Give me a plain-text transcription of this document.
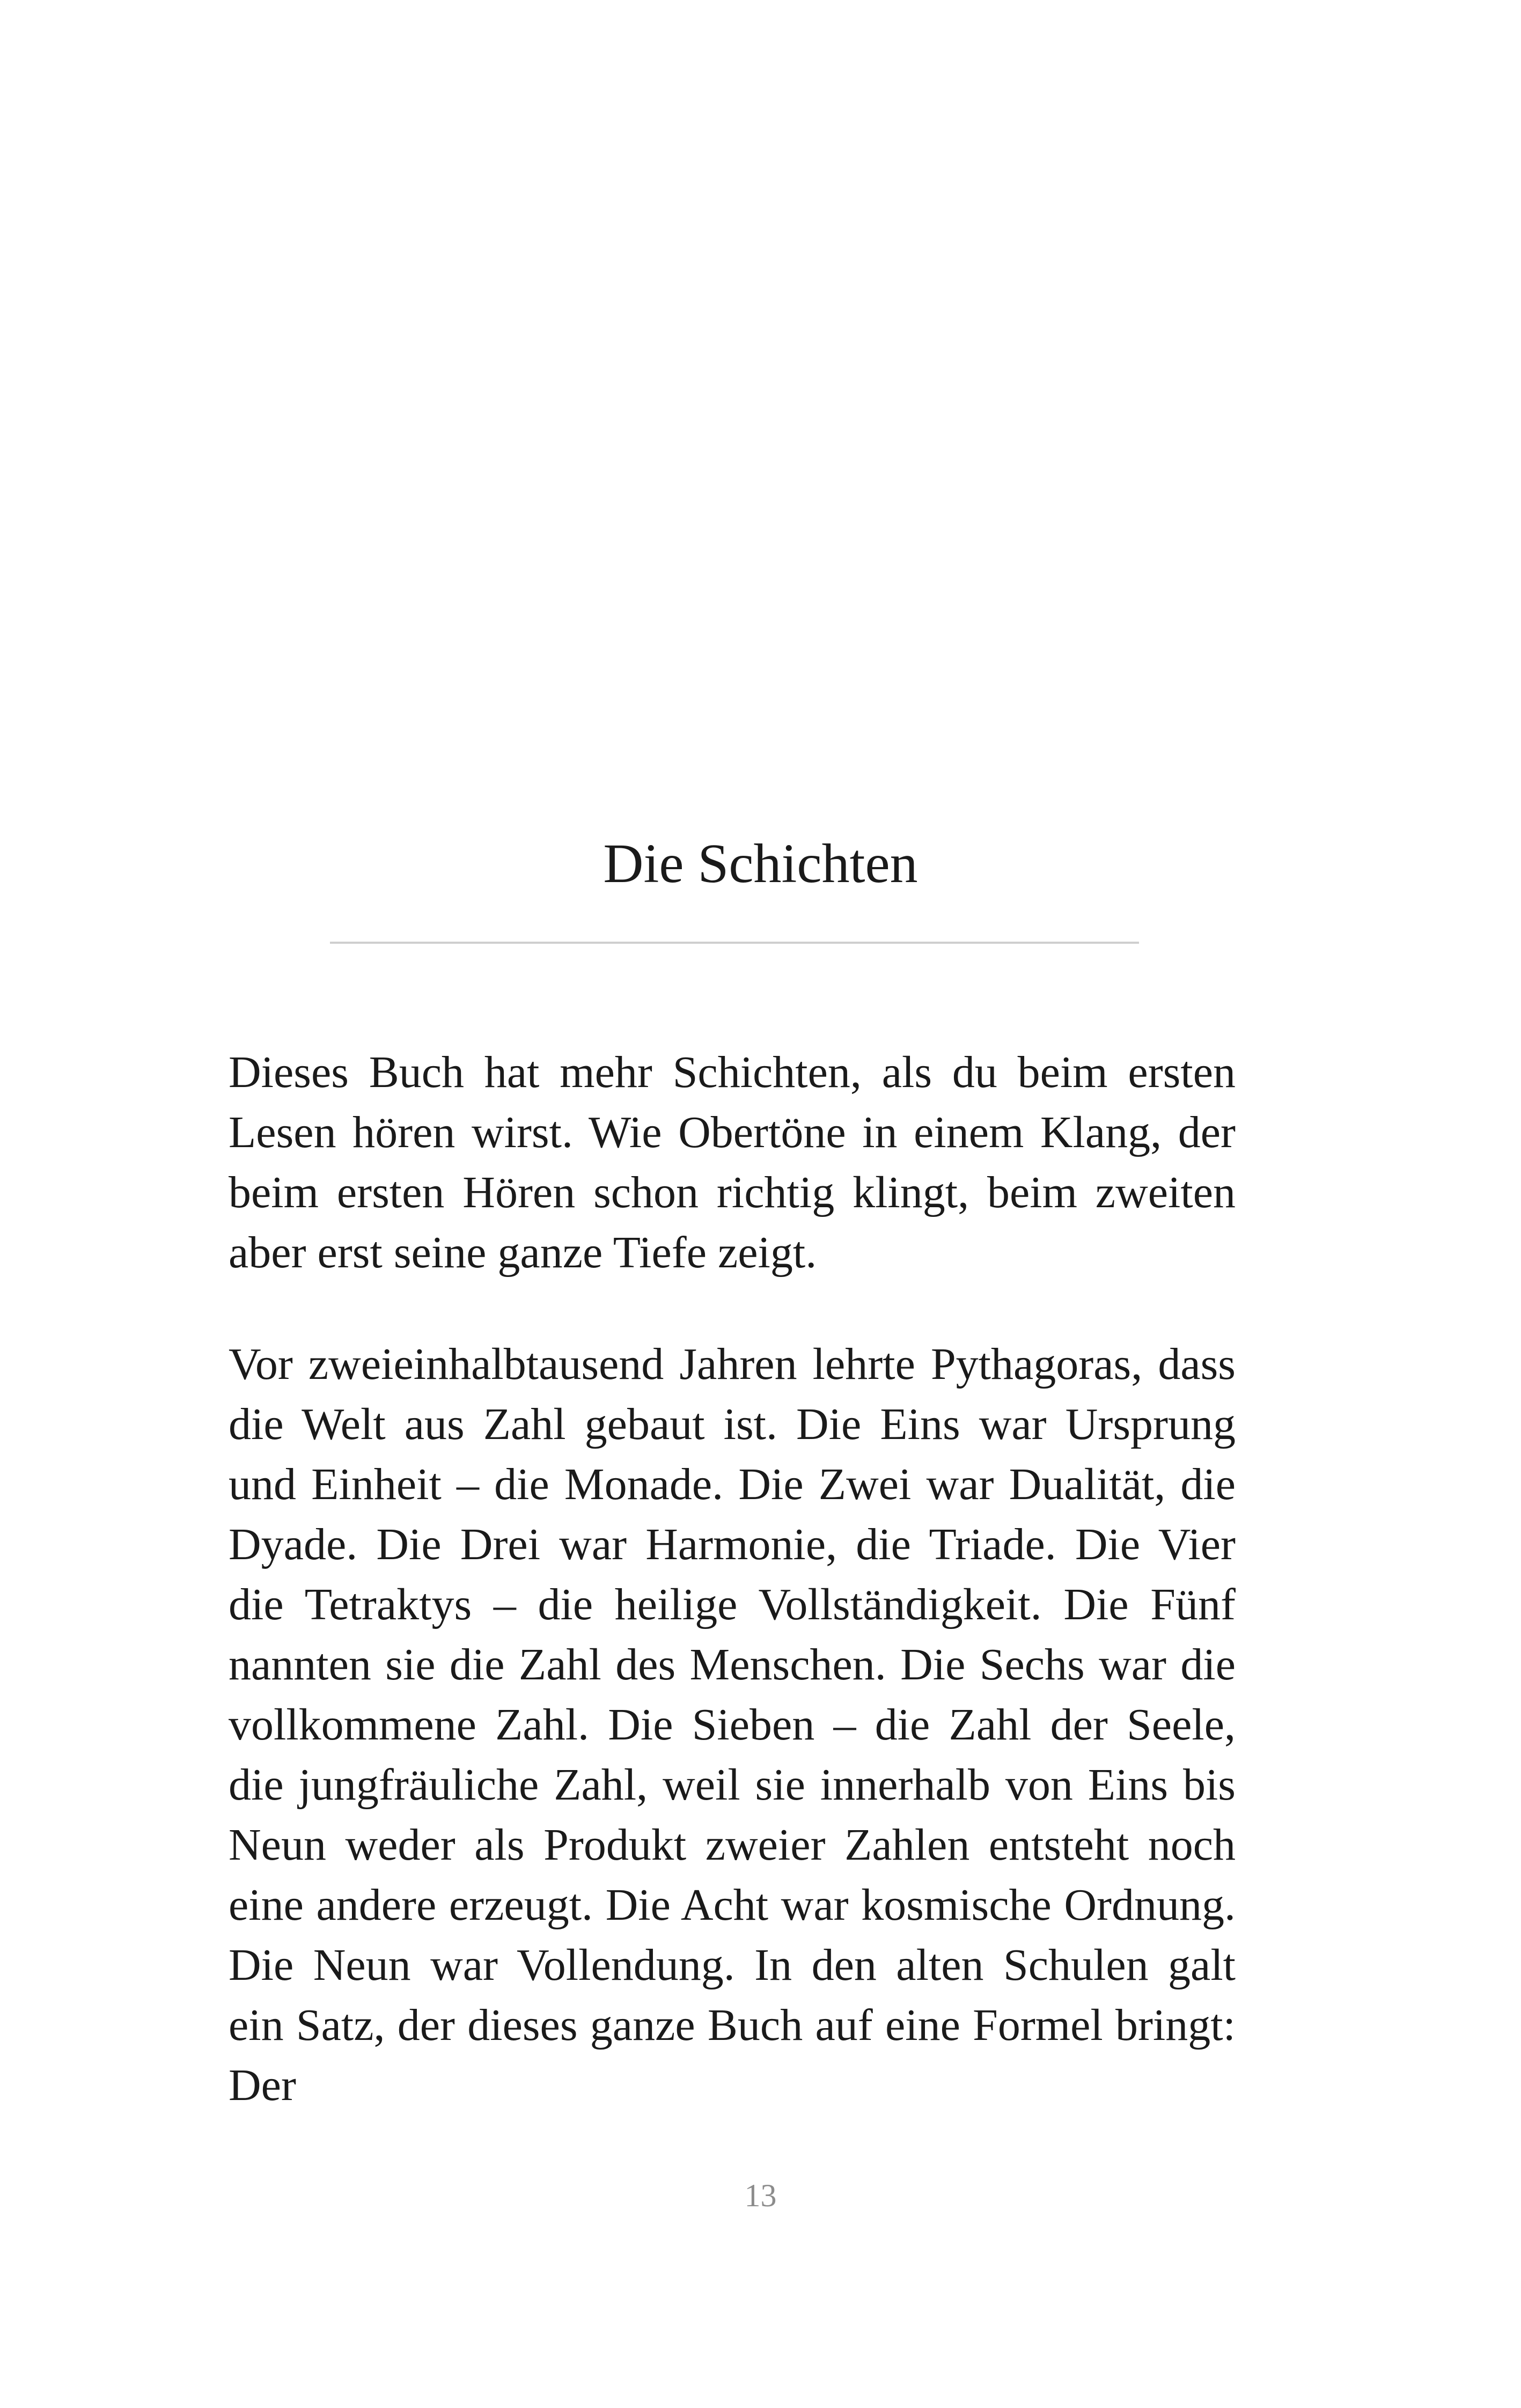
Die Schichten

Dieses Buch hat mehr Schichten, als du beim ersten Lesen hören wirst. Wie Obertöne in einem Klang, der beim ersten Hören schon richtig klingt, beim zweiten aber erst seine ganze Tiefe zeigt.

Vor zweieinhalbtausend Jahren lehrte Pythagoras, dass die Welt aus Zahl gebaut ist. Die Eins war Ursprung und Einheit – die Monade. Die Zwei war Dualität, die Dyade. Die Drei war Harmonie, die Triade. Die Vier die Tetraktys – die heilige Vollständigkeit. Die Fünf nannten sie die Zahl des Menschen. Die Sechs war die vollkommene Zahl. Die Sieben – die Zahl der Seele, die jungfräuliche Zahl, weil sie innerhalb von Eins bis Neun weder als Produkt zweier Zahlen entsteht noch eine andere erzeugt. Die Acht war kosmische Ordnung. Die Neun war Vollendung. In den alten Schulen galt ein Satz, der dieses ganze Buch auf eine Formel bringt: Der

13
